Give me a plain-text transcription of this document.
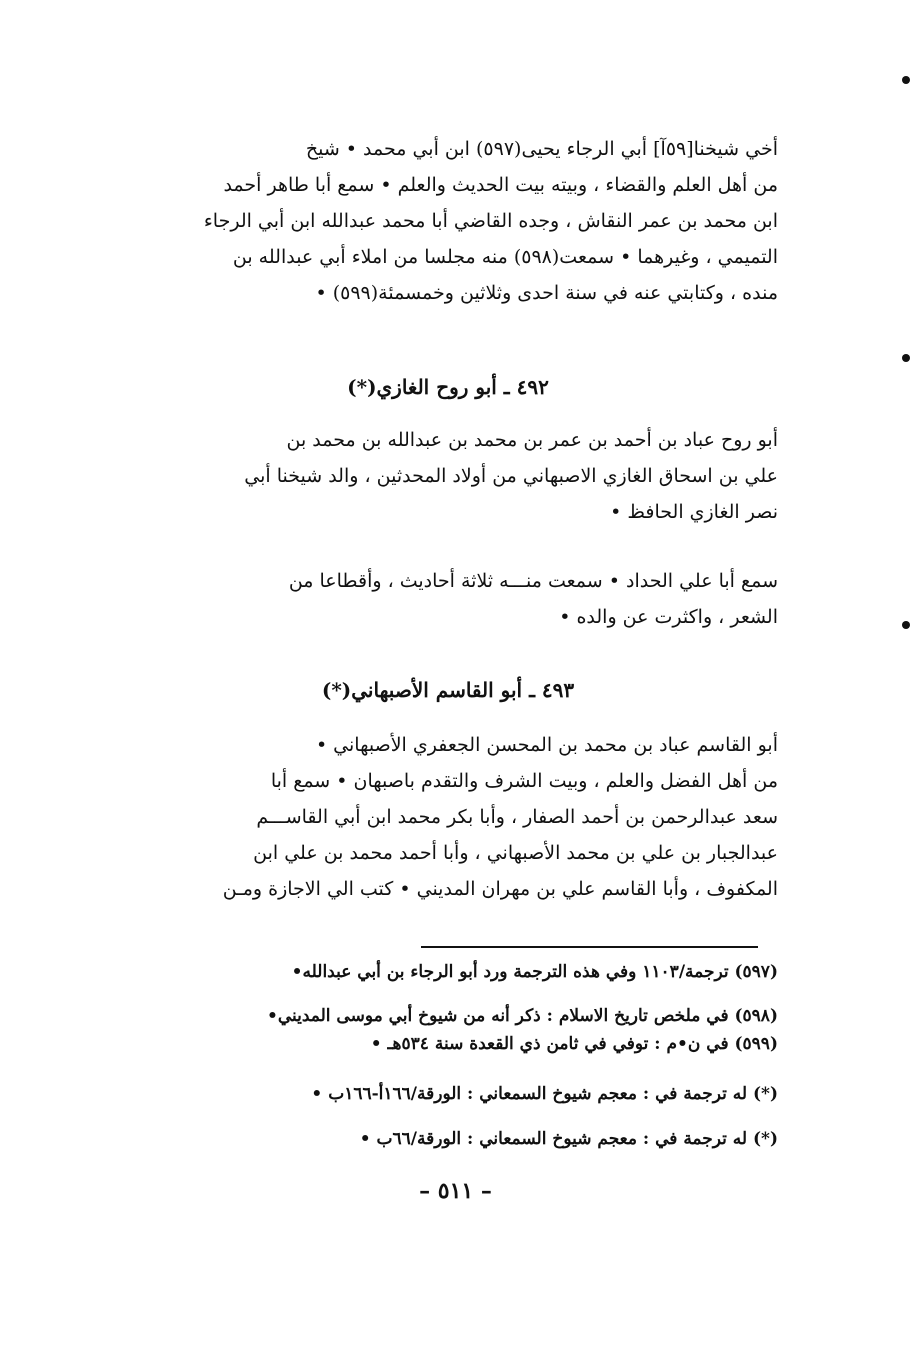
أخي شيخنا[٥٩آ] أبي الرجاء يحيى(٥٩٧) ابن أبي محمد • شيخ
من أهل العلم والقضاء ، وبيته بيت الحديث والعلم • سمع أبا طاهر أحمد
ابن محمد بن عمر النقاش ، وجده القاضي أبا محمد عبدالله ابن أبي الرجاء
التميمي ، وغيرهما • سمعت(٥٩٨) منه مجلسا من املاء أبي عبدالله بن
منده ، وكتابتي عنه في سنة احدى وثلاثين وخمسمئة(٥٩٩) •
٤٩٢ ـ أبو روح الغازي(*)
أبو روح عباد بن أحمد بن عمر بن محمد بن عبدالله بن محمد بن
علي بن اسحاق الغازي الاصبهاني من أولاد المحدثين ، والد شيخنا أبي
نصر الغازي الحافظ •
سمع أبا علي الحداد • سمعت منـــه ثلاثة أحاديث ، وأقطاعا من
الشعر ، واكثرت عن والده •
٤٩٣ ـ أبو القاسم الأصبهاني(*)
أبو القاسم عباد بن محمد بن المحسن الجعفري الأصبهاني •
من أهل الفضل والعلم ، وبيت الشرف والتقدم باصبهان • سمع أبا
سعد عبدالرحمن بن أحمد الصفار ، وأبا بكر محمد ابن أبي القاســـم
عبدالجبار بن علي بن محمد الأصبهاني ، وأبا أحمد محمد بن علي ابن
المكفوف ، وأبا القاسم علي بن مهران المديني • كتب الي الاجازة ومـن
(٥٩٧) ترجمة/١١٠٣ وفي هذه الترجمة ورد أبو الرجاء بن أبي عبدالله•
(٥٩٨) في ملخص تاريخ الاسلام : ذكر أنه من شيوخ أبي موسى المديني•
(٥٩٩) في ن•م : توفي في ثامن ذي القعدة سنة ٥٣٤هـ •
(*) له ترجمة في : معجم شيوخ السمعاني : الورقة/١٦٦أ-١٦٦ب •
(*) له ترجمة في : معجم شيوخ السمعاني : الورقة/٦٦ب •
– ٥١١ –
